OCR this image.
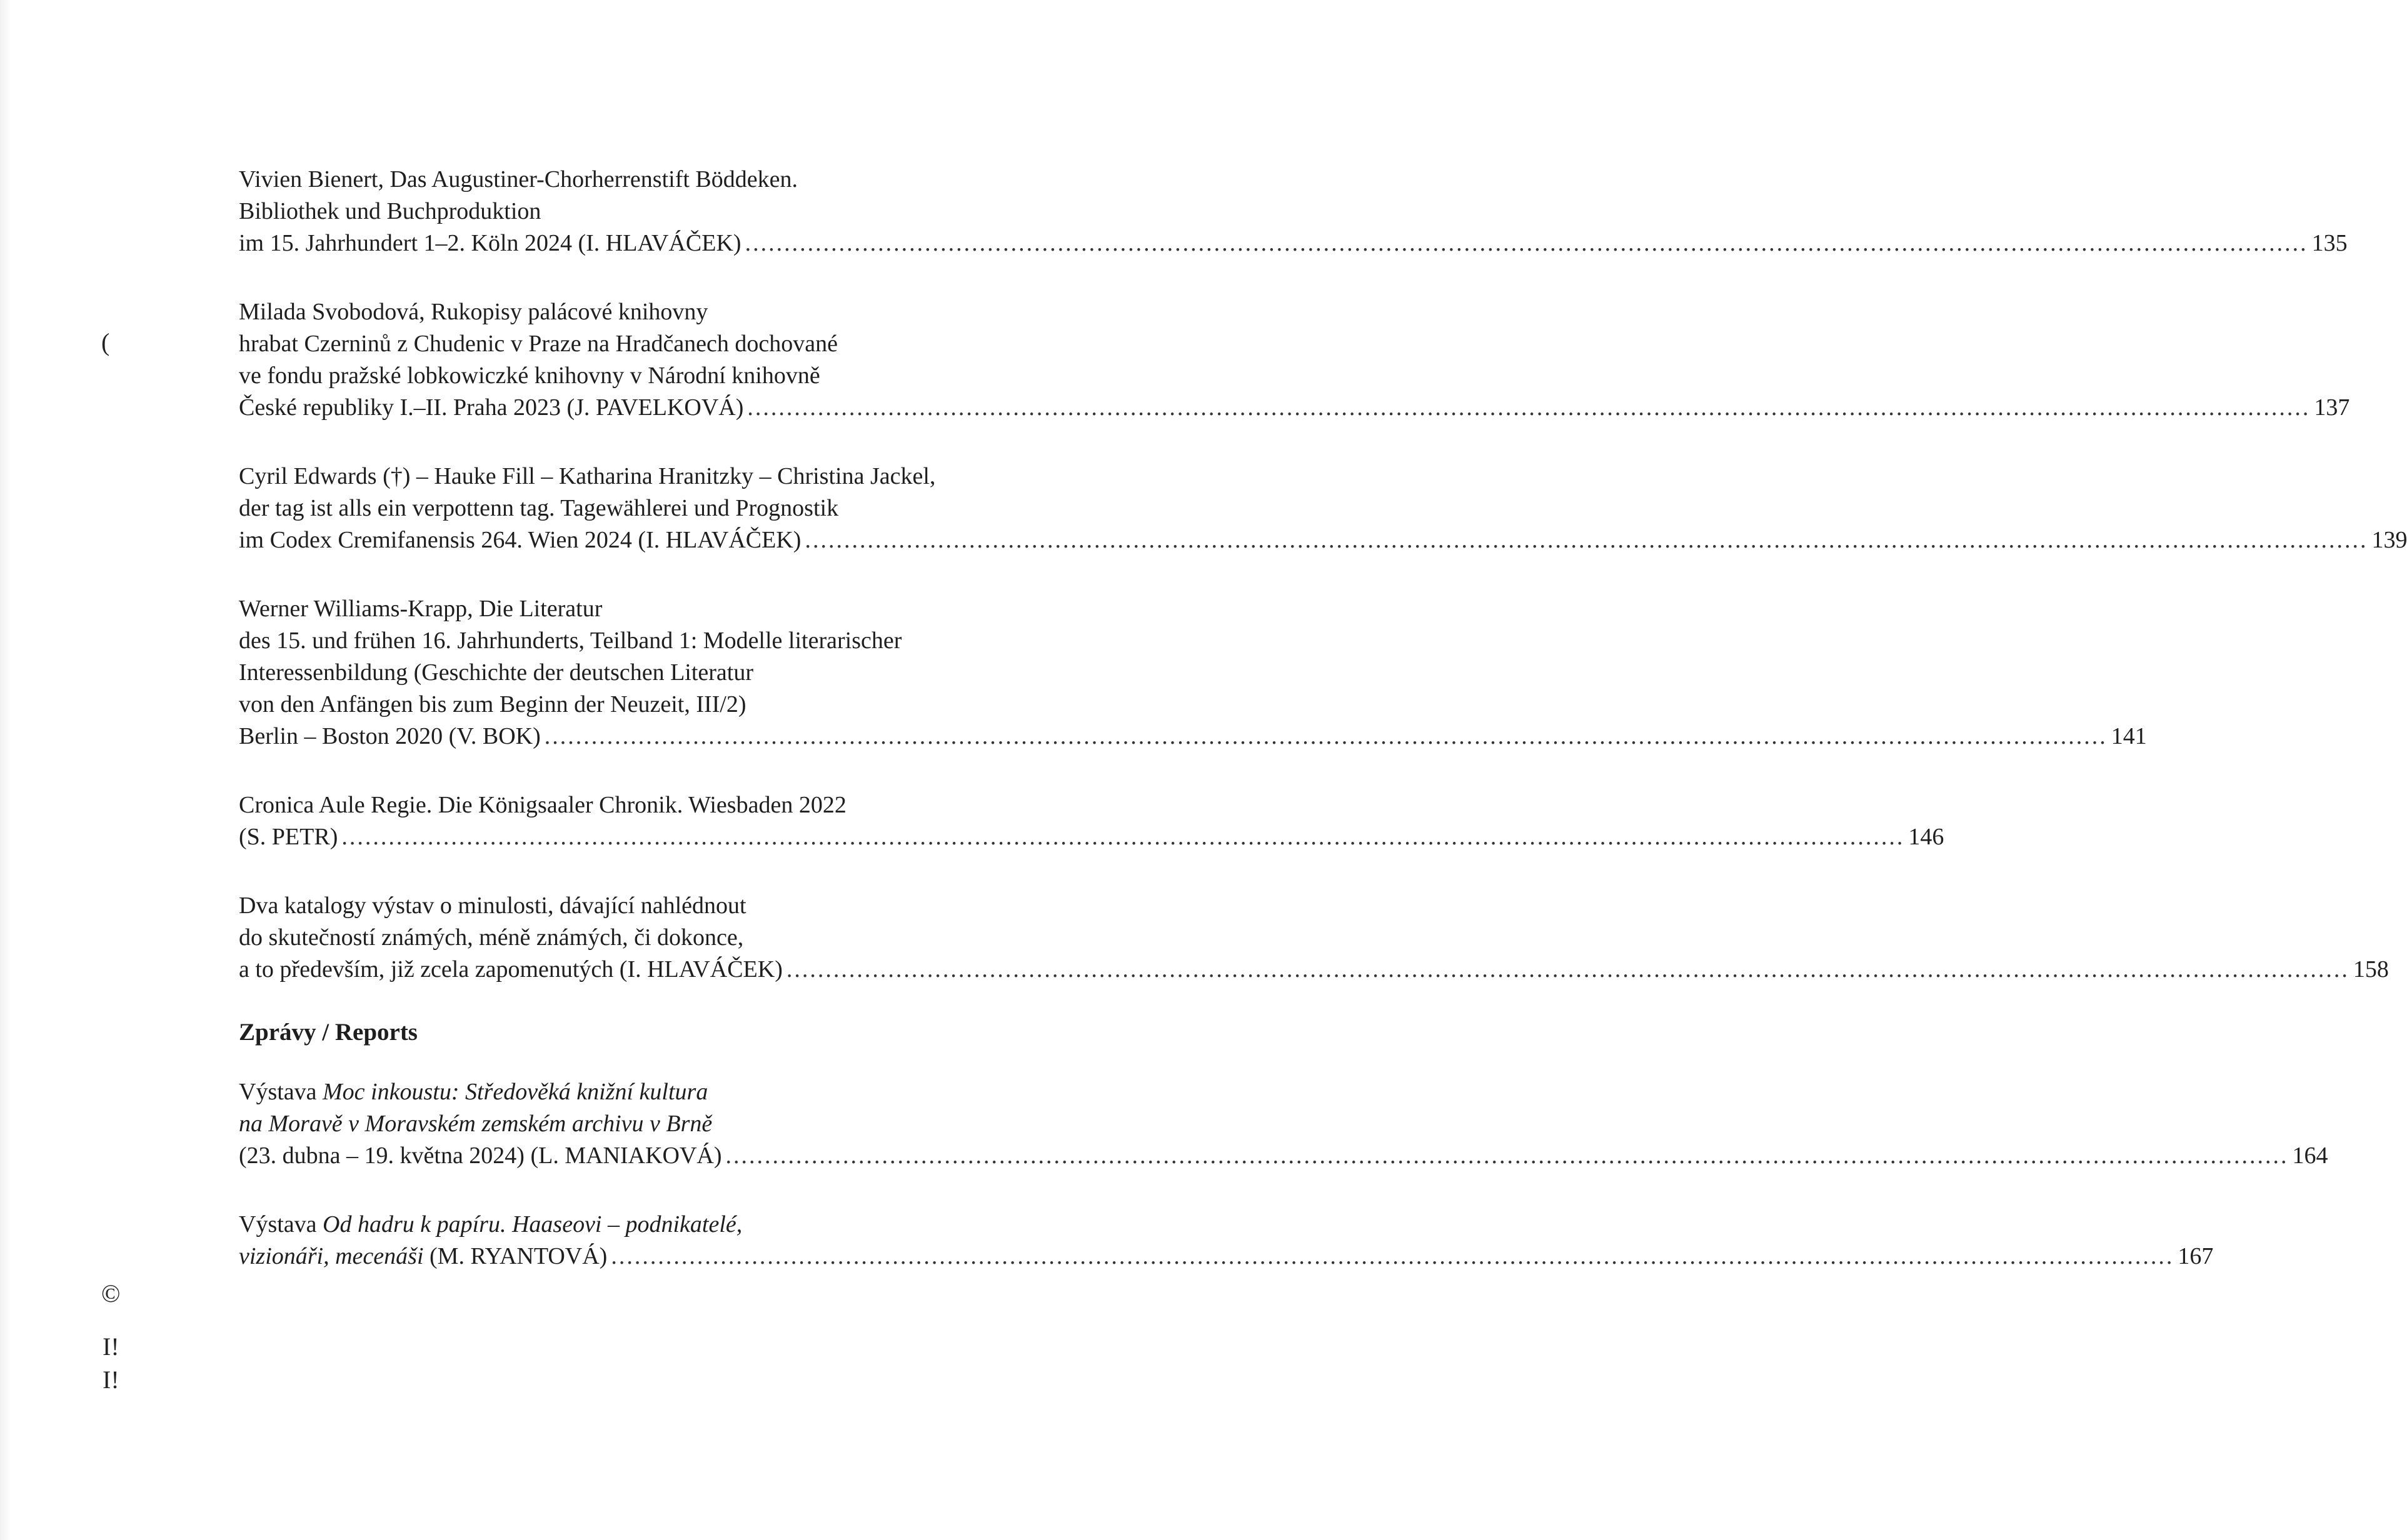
(
©
I!
I!
Vivien Bienert, Das Augustiner-Chorherrenstift Böddeken.
Bibliothek und Buchproduktion
im 15. Jahrhundert 1–2. Köln 2024 (I. HLAVÁČEK) ........................................................................................................................................................................................................ 135
Milada Svobodová, Rukopisy palácové knihovny
hrabat Czerninů z Chudenic v Praze na Hradčanech dochované
ve fondu pražské lobkowiczké knihovny v Národní knihovně
České republiky I.–II. Praha 2023 (J. PAVELKOVÁ) ........................................................................................................................................................................................................ 137
Cyril Edwards (†) – Hauke Fill – Katharina Hranitzky – Christina Jackel,
der tag ist alls ein verpottenn tag. Tagewählerei und Prognostik
im Codex Cremifanensis 264. Wien 2024 (I. HLAVÁČEK) ........................................................................................................................................................................................................ 139
Werner Williams-Krapp, Die Literatur
des 15. und frühen 16. Jahrhunderts, Teilband 1: Modelle literarischer
Interessenbildung (Geschichte der deutschen Literatur
von den Anfängen bis zum Beginn der Neuzeit, III/2)
Berlin – Boston 2020 (V. BOK) ........................................................................................................................................................................................................ 141
Cronica Aule Regie. Die Königsaaler Chronik. Wiesbaden 2022
(S. PETR) ........................................................................................................................................................................................................ 146
Dva katalogy výstav o minulosti, dávající nahlédnout
do skutečností známých, méně známých, či dokonce,
a to především, již zcela zapomenutých (I. HLAVÁČEK) ........................................................................................................................................................................................................ 158
Zprávy / Reports
Výstava Moc inkoustu: Středověká knižní kultura
na Moravě v Moravském zemském archivu v Brně
(23. dubna – 19. května 2024) (L. MANIAKOVÁ) ........................................................................................................................................................................................................ 164
Výstava Od hadru k papíru. Haaseovi – podnikatelé,
vizionáři, mecenáši (M. RYANTOVÁ) ........................................................................................................................................................................................................ 167
